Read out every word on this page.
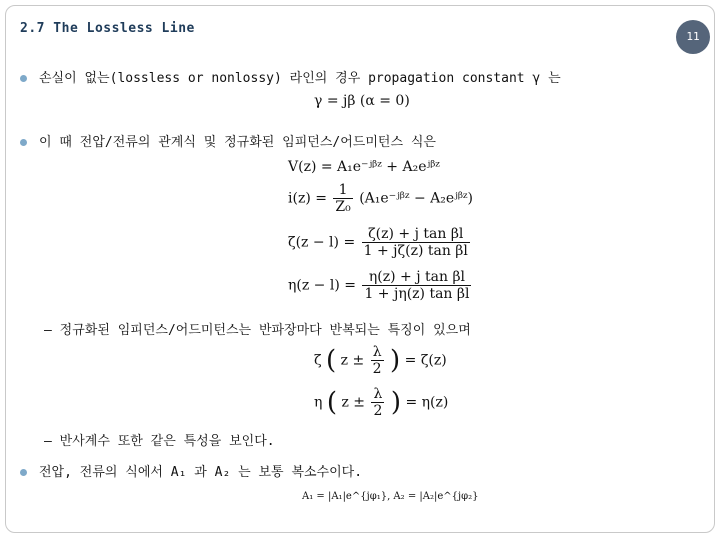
2.7 The Lossless Line
11
손실이 없는(lossless or nonlossy) 라인의 경우 propagation constant γ 는
γ = jβ (α = 0)
이 때 전압/전류의 관계식 및 정규화된 임피던스/어드미턴스 식은
V(z) = A₁e⁻ʲᵝᶻ + A₂eʲᵝᶻ
$i(z) = \frac{1}{\text{Z₀}}$ (A₁e⁻ʲᵝᶻ − A₂eʲᵝᶻ)
$\zeta(z - l) = \frac{\text{ζ(z) + j tan βl}}{\text{1 + jζ(z) tan βl}}$
$\eta(z - l) = \frac{\text{η(z) + j tan βl}}{\text{1 + jη(z) tan βl}}$
– 정규화된 임피던스/어드미턴스는 반파장마다 반복되는 특징이 있으며
ζ ( $z \pm \frac{\lambda}{2}$ ) = ζ(z)
η ( $z \pm \frac{\lambda}{2}$ ) = η(z)
– 반사계수 또한 같은 특성을 보인다.
전압, 전류의 식에서 A₁ 과 A₂ 는 보통 복소수이다.
A₁ = |A₁|e^{jφ₁}, A₂ = |A₂|e^{jφ₂}
